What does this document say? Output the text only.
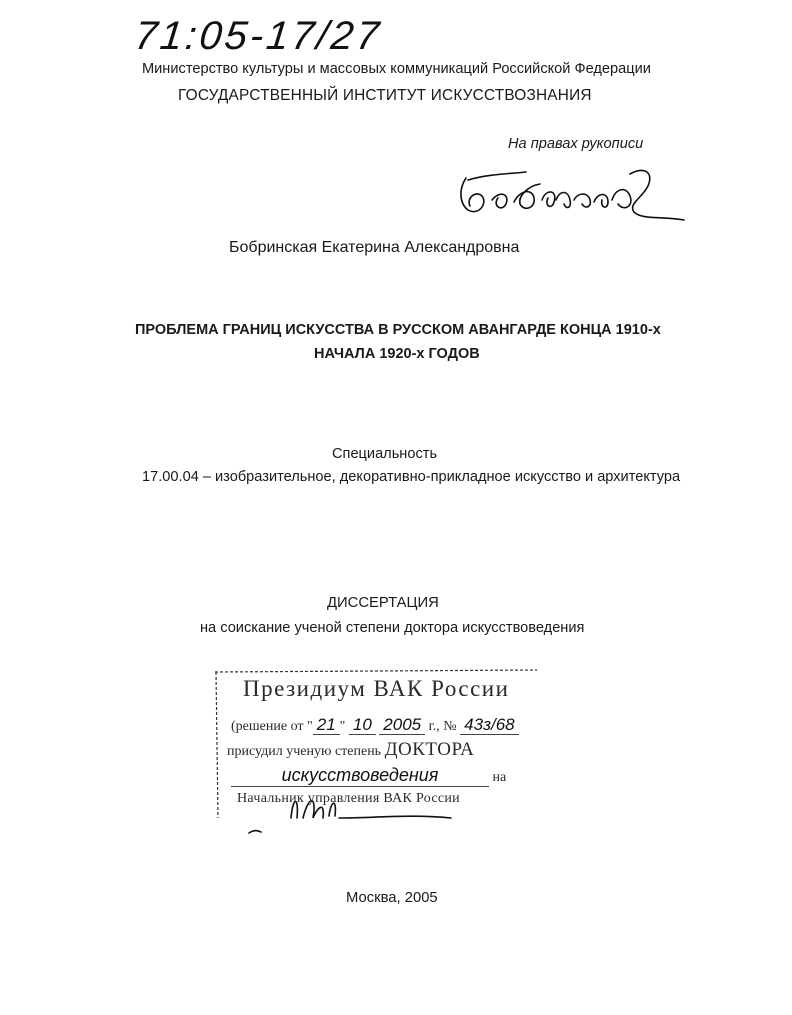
71:05-17/27
Министерство культуры и массовых коммуникаций Российской Федерации
ГОСУДАРСТВЕННЫЙ ИНСТИТУТ ИСКУССТВОЗНАНИЯ
На правах рукописи
Бобринская Екатерина Александровна
ПРОБЛЕМА ГРАНИЦ ИСКУССТВА В РУССКОМ АВАНГАРДЕ КОНЦА 1910-х
НАЧАЛА 1920-х ГОДОВ
Специальность
17.00.04 – изобразительное, декоративно-прикладное искусство и архитектура
ДИССЕРТАЦИЯ
на соискание ученой степени доктора искусствоведения
Президиум ВАК России
(решение от " 21 " 10 2005 г., № 43з/68
присудил ученую степень ДОКТОРА
искусствоведения	на
Начальник управления ВАК России
Москва, 2005
